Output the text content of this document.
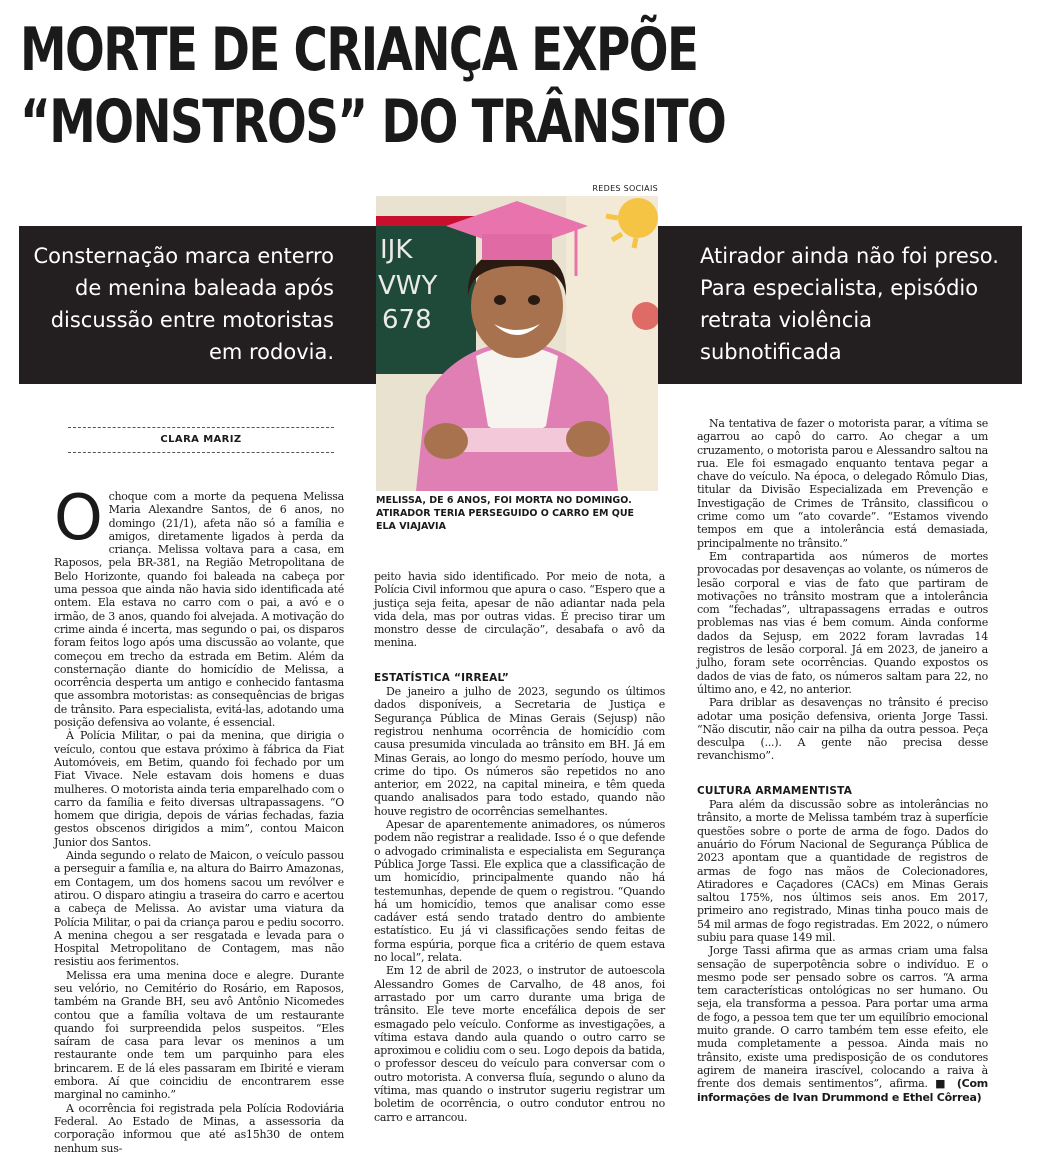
MORTE DE CRIANÇA EXPÕE
“MONSTROS” DO TRÂNSITO
Consternação marca enterro de menina baleada após discussão entre motoristas em rodovia.
Atirador ainda não foi preso. Para especialista, episódio retrata violência subnotificada
REDES SOCIAIS
IJK
VWY
678
MELISSA, DE 6 ANOS, FOI MORTA NO DOMINGO. ATIRADOR TERIA PERSEGUIDO O CARRO EM QUE ELA VIAJAVIA
CLARA MARIZ

Ochoque com a morte da pequena Melissa Maria Alexandre Santos, de 6 anos, no domingo (21/1), afeta não só a família e amigos, diretamente ligados à perda da criança. Melissa voltava para a casa, em Raposos, pela BR-381, na Região Metropolitana de Belo Horizonte, quando foi baleada na cabeça por uma pessoa que ainda não havia sido identificada até ontem. Ela estava no carro com o pai, a avó e o irmão, de 3 anos, quando foi alvejada. A motivação do crime ainda é incerta, mas segundo o pai, os disparos foram feitos logo após uma discussão ao volante, que começou em trecho da estrada em Betim. Além da consternação diante do homicídio de Melissa, a ocorrência desperta um antigo e conhecido fantasma que assombra motoristas: as consequências de brigas de trânsito. Para especialista, evitá-las, adotando uma posição defensiva ao volante, é essencial.

À Polícia Militar, o pai da menina, que dirigia o veículo, contou que estava próximo à fábrica da Fiat Automóveis, em Betim, quando foi fechado por um Fiat Vivace. Nele estavam dois homens e duas mulheres. O motorista ainda teria emparelhado com o carro da família e feito diversas ultrapassagens. “O homem que dirigia, depois de várias fechadas, fazia gestos obscenos dirigidos a mim”, contou Maicon Junior dos Santos.

Ainda segundo o relato de Maicon, o veículo passou a perseguir a família e, na altura do Bairro Amazonas, em Contagem, um dos homens sacou um revólver e atirou. O disparo atingiu a traseira do carro e acertou a cabeça de Melissa. Ao avistar uma viatura da Polícia Militar, o pai da criança parou e pediu socorro. A menina chegou a ser resgatada e levada para o Hospital Metropolitano de Contagem, mas não resistiu aos ferimentos.

Melissa era uma menina doce e alegre. Durante seu velório, no Cemitério do Rosário, em Raposos, também na Grande BH, seu avô Antônio Nicomedes contou que a família voltava de um restaurante quando foi surpreendida pelos suspeitos. “Eles saíram de casa para levar os meninos a um restaurante onde tem um parquinho para eles brincarem. E de lá eles passaram em Ibirité e vieram embora. Aí que coincidiu de encontrarem esse marginal no caminho.”

A ocorrência foi registrada pela Polícia Rodoviária Federal. Ao Estado de Minas, a assessoria da corporação informou que até as15h30 de ontem nenhum sus-

peito havia sido identificado. Por meio de nota, a Polícia Civil informou que apura o caso. “Espero que a justiça seja feita, apesar de não adiantar nada pela vida dela, mas por outras vidas. É preciso tirar um monstro desse de circulação”, desabafa o avô da menina.

ESTATÍSTICA “IRREAL”

De janeiro a julho de 2023, segundo os últimos dados disponíveis, a Secretaria de Justiça e Segurança Pública de Minas Gerais (Sejusp) não registrou nenhuma ocorrência de homicídio com causa presumida vinculada ao trânsito em BH. Já em Minas Gerais, ao longo do mesmo período, houve um crime do tipo. Os números são repetidos no ano anterior, em 2022, na capital mineira, e têm queda quando analisados para todo estado, quando não houve registro de ocorrências semelhantes.

Apesar de aparentemente animadores, os números podem não registrar a realidade. Isso é o que defende o advogado criminalista e especialista em Segurança Pública Jorge Tassi. Ele explica que a classificação de um homicídio, principalmente quando não há testemunhas, depende de quem o registrou. “Quando há um homicídio, temos que analisar como esse cadáver está sendo tratado dentro do ambiente estatístico. Eu já vi classificações sendo feitas de forma espúria, porque fica a critério de quem estava no local”, relata.

Em 12 de abril de 2023, o instrutor de autoescola Alessandro Gomes de Carvalho, de 48 anos, foi arrastado por um carro durante uma briga de trânsito. Ele teve morte encefálica depois de ser esmagado pelo veículo. Conforme as investigações, a vítima estava dando aula quando o outro carro se aproximou e colidiu com o seu. Logo depois da batida, o professor desceu do veículo para conversar com o outro motorista. A conversa fluía, segundo o aluno da vítima, mas quando o instrutor sugeriu registrar um boletim de ocorrência, o outro condutor entrou no carro e arrancou.

Na tentativa de fazer o motorista parar, a vítima se agarrou ao capô do carro. Ao chegar a um cruzamento, o motorista parou e Alessandro saltou na rua. Ele foi esmagado enquanto tentava pegar a chave do veículo. Na época, o delegado Rômulo Dias, titular da Divisão Especializada em Prevenção e Investigação de Crimes de Trânsito, classificou o crime como um “ato covarde”. “Estamos vivendo tempos em que a intolerância está demasiada, principalmente no trânsito.”

Em contrapartida aos números de mortes provocadas por desavenças ao volante, os números de lesão corporal e vias de fato que partiram de motivações no trânsito mostram que a intolerância com “fechadas”, ultrapassagens erradas e outros problemas nas vias é bem comum. Ainda conforme dados da Sejusp, em 2022 foram lavradas 14 registros de lesão corporal. Já em 2023, de janeiro a julho, foram sete ocorrências. Quando expostos os dados de vias de fato, os números saltam para 22, no último ano, e 42, no anterior.

Para driblar as desavenças no trânsito é preciso adotar uma posição defensiva, orienta Jorge Tassi. “Não discutir, não cair na pilha da outra pessoa. Peça desculpa (...). A gente não precisa desse revanchismo”.

CULTURA ARMAMENTISTA

Para além da discussão sobre as intolerâncias no trânsito, a morte de Melissa também traz à superfície questões sobre o porte de arma de fogo. Dados do anuário do Fórum Nacional de Segurança Pública de 2023 apontam que a quantidade de registros de armas de fogo nas mãos de Colecionadores, Atiradores e Caçadores (CACs) em Minas Gerais saltou 175%, nos últimos seis anos. Em 2017, primeiro ano registrado, Minas tinha pouco mais de 54 mil armas de fogo registradas. Em 2022, o número subiu para quase 149 mil.

Jorge Tassi afirma que as armas criam uma falsa sensação de superpotência sobre o indivíduo. E o mesmo pode ser pensado sobre os carros. “A arma tem características ontológicas no ser humano. Ou seja, ela transforma a pessoa. Para portar uma arma de fogo, a pessoa tem que ter um equilíbrio emocional muito grande. O carro também tem esse efeito, ele muda completamente a pessoa. Ainda mais no trânsito, existe uma predisposição de os condutores agirem de maneira irascível, colocando a raiva à frente dos demais sentimentos”, afirma. ■ (Com informações de Ivan Drummond e Ethel Côrrea)
